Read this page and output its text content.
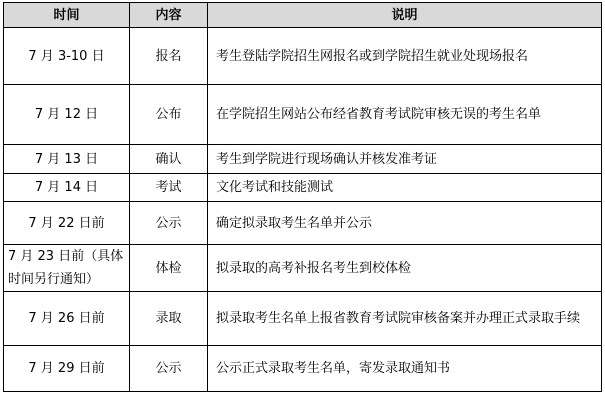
时间	内容	说明
7 月 3-10 日	报名	考生登陆学院招生网报名或到学院招生就业处现场报名
7 月 12 日	公布	在学院招生网站公布经省教育考试院审核无误的考生名单
7 月 13 日	确认	考生到学院进行现场确认并核发准考证
7 月 14 日	考试	文化考试和技能测试
7 月 22 日前	公示	确定拟录取考生名单并公示
7 月 23 日前（具体时间另行通知）	体检	拟录取的高考补报名考生到校体检
7 月 26 日前	录取	拟录取考生名单上报省教育考试院审核备案并办理正式录取手续
7 月 29 日前	公示	公示正式录取考生名单，寄发录取通知书
